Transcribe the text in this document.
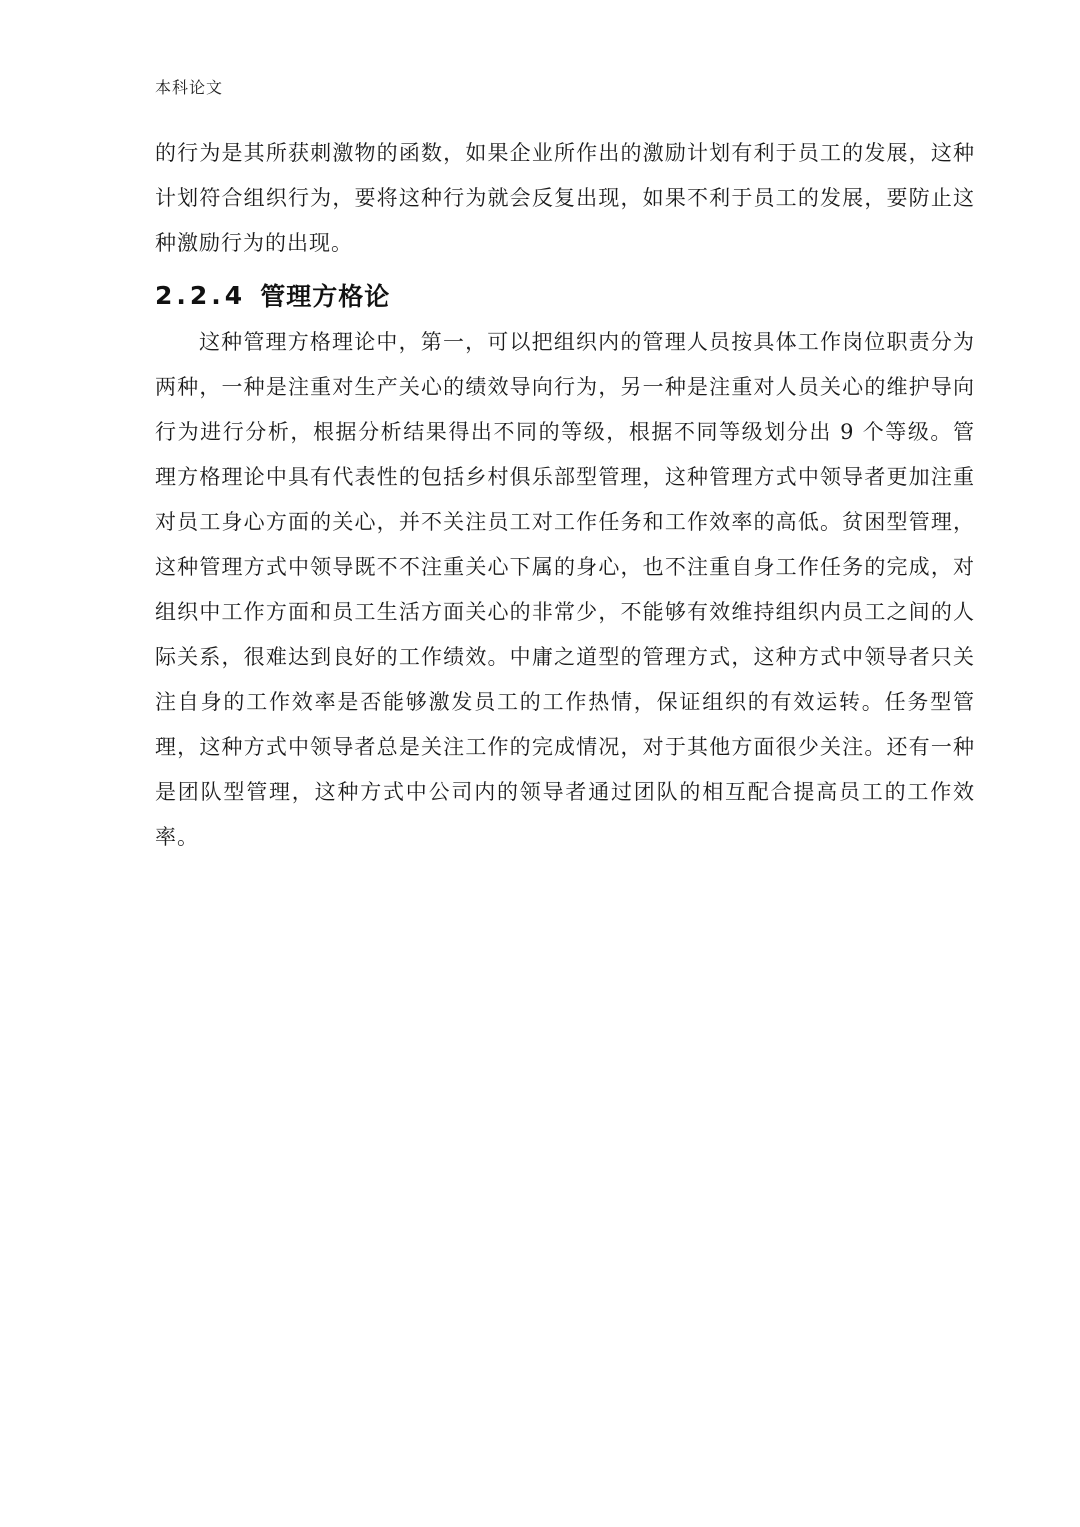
本科论文

的行为是其所获刺激物的函数，如果企业所作出的激励计划有利于员工的发展，这种计划符合组织行为，要将这种行为就会反复出现，如果不利于员工的发展，要防止这种激励行为的出现。

2.2.4 管理方格论

这种管理方格理论中，第一，可以把组织内的管理人员按具体工作岗位职责分为两种，一种是注重对生产关心的绩效导向行为，另一种是注重对人员关心的维护导向行为进行分析，根据分析结果得出不同的等级，根据不同等级划分出 9 个等级。管理方格理论中具有代表性的包括乡村俱乐部型管理，这种管理方式中领导者更加注重对员工身心方面的关心，并不关注员工对工作任务和工作效率的高低。贫困型管理，这种管理方式中领导既不不注重关心下属的身心，也不注重自身工作任务的完成，对组织中工作方面和员工生活方面关心的非常少，不能够有效维持组织内员工之间的人际关系，很难达到良好的工作绩效。中庸之道型的管理方式，这种方式中领导者只关注自身的工作效率是否能够激发员工的工作热情，保证组织的有效运转。任务型管理，这种方式中领导者总是关注工作的完成情况，对于其他方面很少关注。还有一种是团队型管理，这种方式中公司内的领导者通过团队的相互配合提高员工的工作效率。
